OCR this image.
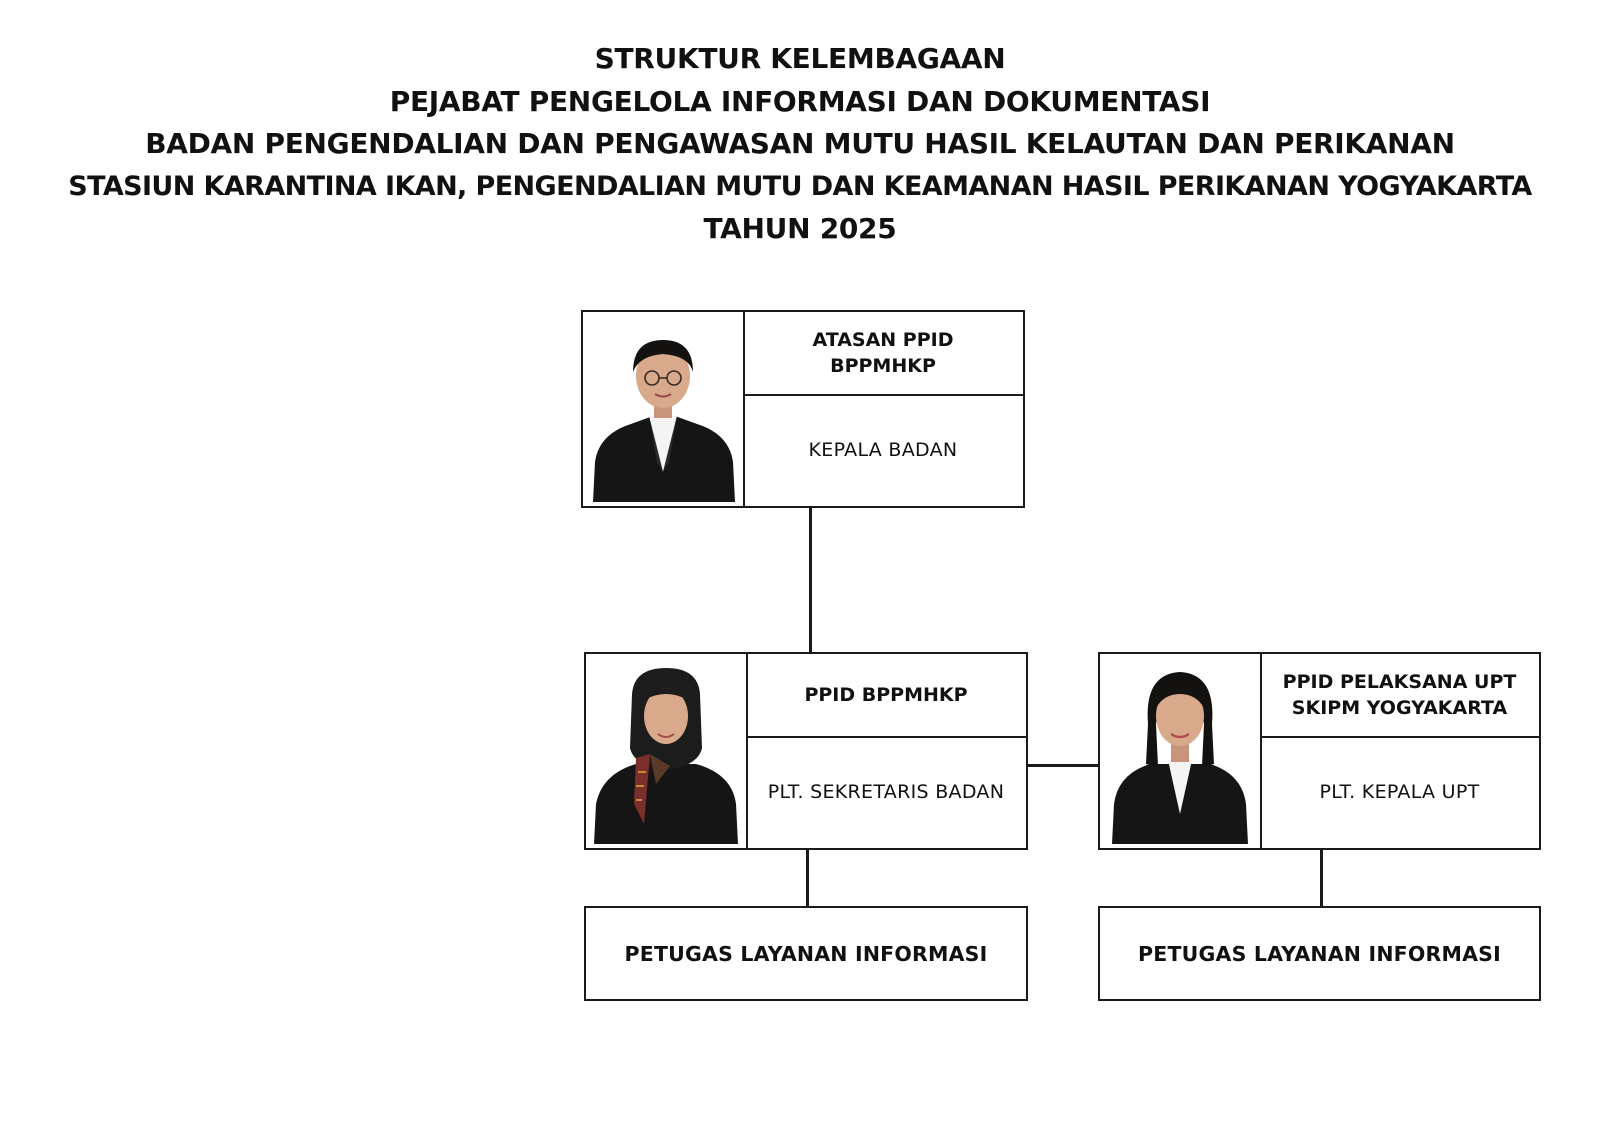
STRUKTUR KELEMBAGAAN
PEJABAT PENGELOLA INFORMASI DAN DOKUMENTASI
BADAN PENGENDALIAN DAN PENGAWASAN MUTU HASIL KELAUTAN DAN PERIKANAN
STASIUN KARANTINA IKAN, PENGENDALIAN MUTU DAN KEAMANAN HASIL PERIKANAN YOGYAKARTA
TAHUN 2025
ATASAN PPID
BPPMHKP
KEPALA BADAN
PPID BPPMHKP
PLT. SEKRETARIS BADAN
PPID PELAKSANA UPT
SKIPM YOGYAKARTA
PLT. KEPALA UPT
PETUGAS LAYANAN INFORMASI	PETUGAS LAYANAN INFORMASI
